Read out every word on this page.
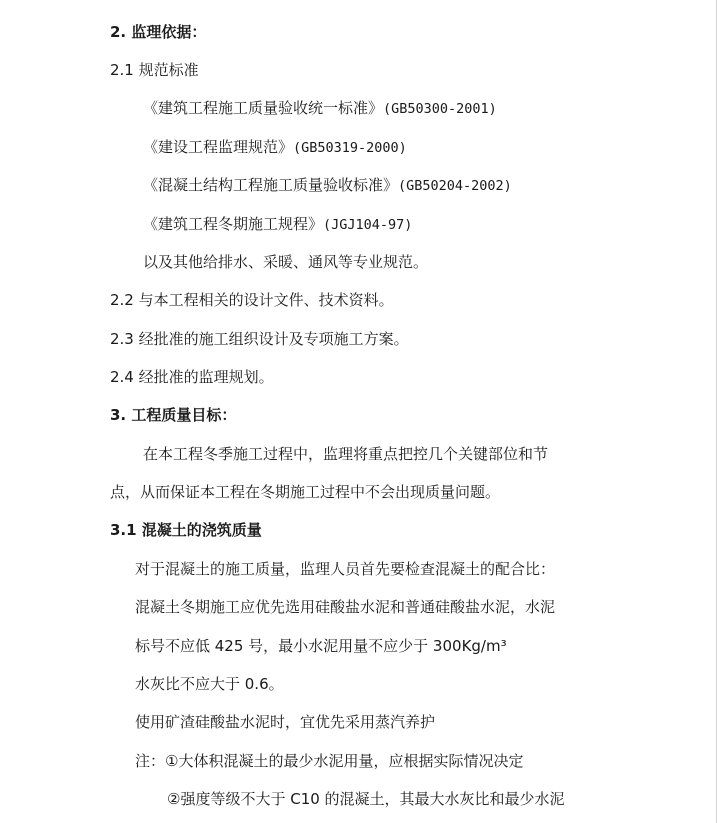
2. 监理依据：
2.1 规范标准
《建筑工程施工质量验收统一标准》(GB50300-2001)
《建设工程监理规范》(GB50319-2000)
《混凝土结构工程施工质量验收标准》(GB50204-2002)
《建筑工程冬期施工规程》(JGJ104-97)
以及其他给排水、采暖、通风等专业规范。
2.2 与本工程相关的设计文件、技术资料。
2.3 经批准的施工组织设计及专项施工方案。
2.4 经批准的监理规划。
3. 工程质量目标：
在本工程冬季施工过程中，监理将重点把控几个关键部位和节
点，从而保证本工程在冬期施工过程中不会出现质量问题。
3.1 混凝土的浇筑质量
对于混凝土的施工质量，监理人员首先要检查混凝土的配合比：
混凝土冬期施工应优先选用硅酸盐水泥和普通硅酸盐水泥，水泥
标号不应低 425 号，最小水泥用量不应少于 300Kg/m³
水灰比不应大于 0.6。
使用矿渣硅酸盐水泥时，宜优先采用蒸汽养护
注：①大体积混凝土的最少水泥用量，应根据实际情况决定
②强度等级不大于 C10 的混凝土，其最大水灰比和最少水泥
